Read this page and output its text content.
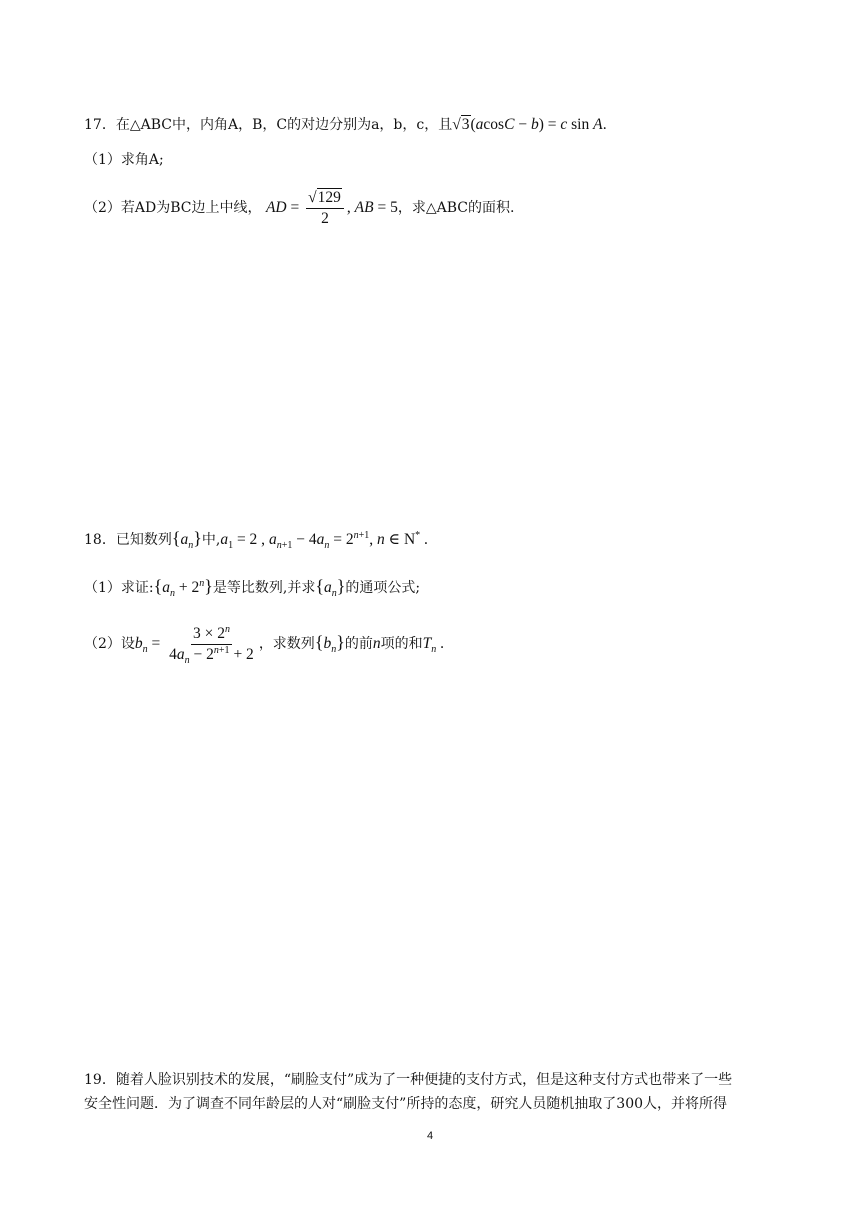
17．在△ABC中，内角A，B，C的对边分别为a，b，c，且√3(acosC − b) = c sin A.
（1）求角A;
（2）若AD为BC边上中线， AD = $\frac{√129}{2}$ , AB = 5，求△ABC的面积.
18．已知数列$\{a_n\}$中$,a_1 = 2$ , $a_{n+1} - 4a_n = 2^{n+1}$, n ∈ N* .
（1）求证$:\{a_n + 2^n\}$是等比数列,并求$\{a_n\}$的通项公式;
（2）设$b_n = \frac{3 \times 2^n}{4a_n - 2^{n+1} + 2}$ ，求数列$\{b_n\}$的前n项的和$T_n$ .
19．随着人脸识别技术的发展，“刷脸支付”成为了一种便捷的支付方式，但是这种支付方式也带来了一些
安全性问题．为了调查不同年龄层的人对“刷脸支付”所持的态度，研究人员随机抽取了300人，并将所得
4
